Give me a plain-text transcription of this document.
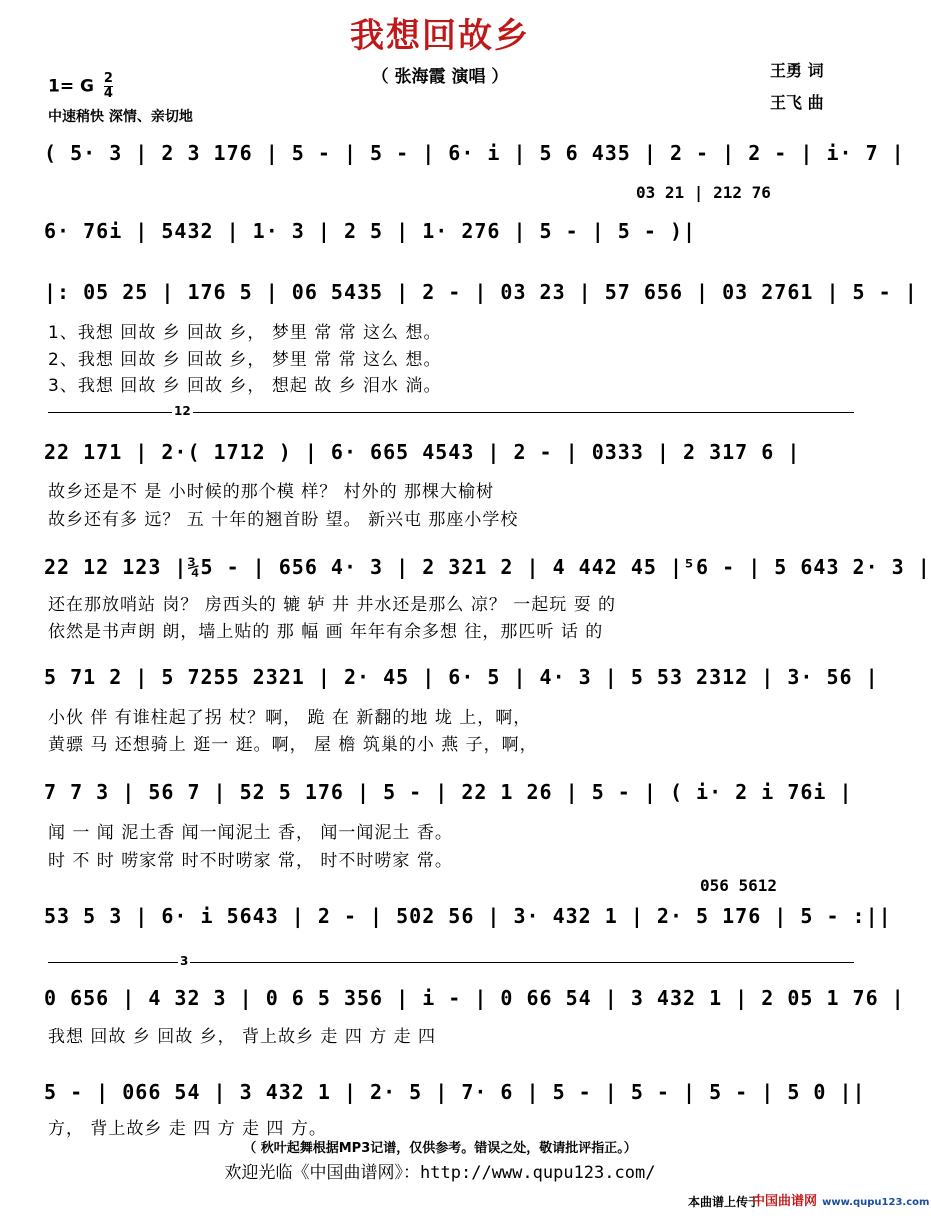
我想回故乡
（ 张海霞 演唱 ）	王勇 词
王飞 曲
1= G $\frac{2}{4}$
中速稍快 深情、亲切地
( 5· 3 | 2 3 176 | 5 - | 5 - | 6· i | 5 6 435 | 2 - | 2 - | i· 7 |
03 21 | 212 76
6· 76i | 5432 | 1· 3 | 2 5 | 1· 276 | 5 - | 5 - )|
|: 05 25 | 176 5 | 06 5435 | 2 - | 03 23 | 57 656 | 03 2761 | 5 - |
1、我想 回故 乡 回故 乡， 梦里 常 常 这么 想。
2、我想 回故 乡 回故 乡， 梦里 常 常 这么 想。
3、我想 回故 乡 回故 乡， 想起 故 乡 泪水 淌。
12
22 171 | 2·( 1712 ) | 6· 665 4543 | 2 - | 0333 | 2 317 6 |
故乡还是不 是 小时候的那个模 样？ 村外的 那棵大榆树
故乡还有多 远？ 五 十年的翘首盼 望。 新兴屯 那座小学校
22 12 123 |¾5 - | 656 4· 3 | 2 321 2 | 4 442 45 |⁵6 - | 5 643 2· 3 |
还在那放哨站 岗？ 房西头的 辘 轳 井 井水还是那么 凉？ 一起玩 耍 的
依然是书声朗 朗，墙上贴的 那 幅 画 年年有余多想 往，那匹听 话 的
5 71 2 | 5 7255 2321 | 2· 45 | 6· 5 | 4· 3 | 5 53 2312 | 3· 56 |
小伙 伴 有谁柱起了拐 杖？啊， 跪 在 新翻的地 垅 上，啊，
黄骠 马 还想骑上 逛一 逛。啊， 屋 檐 筑巢的小 燕 子，啊，
7 7 3 | 56 7 | 52 5 176 | 5 - | 22 1 26 | 5 - | ( i· 2 i 76i |
闻 一 闻 泥土香 闻一闻泥土 香， 闻一闻泥土 香。
时 不 时 唠家常 时不时唠家 常， 时不时唠家 常。
056 5612
53 5 3 | 6· i 5643 | 2 - | 502 56 | 3· 432 1 | 2· 5 176 | 5 - :||
3
0 656 | 4 32 3 | 0 6 5 356 | i - | 0 66 54 | 3 432 1 | 2 05 1 76 |
我想 回故 乡 回故 乡， 背上故乡 走 四 方 走 四
5 - | 066 54 | 3 432 1 | 2· 5 | 7· 6 | 5 - | 5 - | 5 - | 5 0 ||
方， 背上故乡 走 四 方 走 四 方。
（ 秋叶起舞根据MP3记谱，仅供参考。错误之处，敬请批评指正。）
欢迎光临《中国曲谱网》：http://www.qupu123.com/
本曲谱上传于
中国曲谱网 www.qupu123.com
